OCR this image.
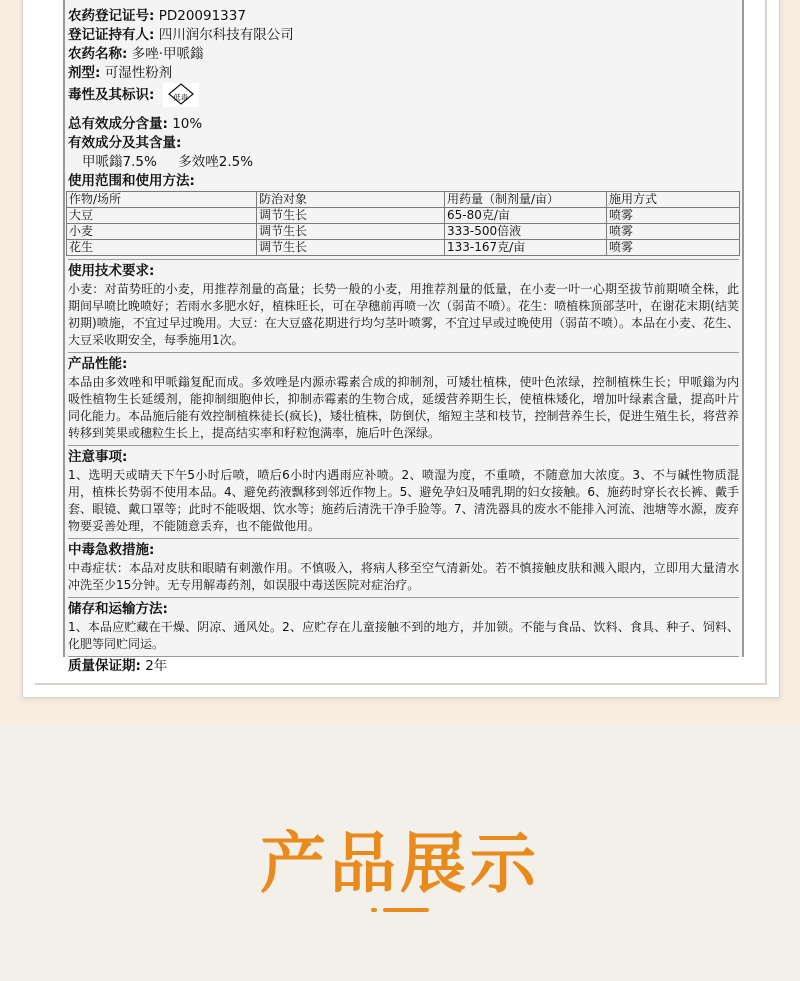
农药登记证号: PD20091337
登记证持有人: 四川润尔科技有限公司
农药名称: 多唑·甲哌鎓
剂型: 可湿性粉剂
毒性及其标识:	低毒
总有效成分含量: 10%
有效成分及其含量:
甲哌鎓7.5%     多效唑2.5%
使用范围和使用方法:
作物/场所	防治对象	用药量（制剂量/亩）	施用方式
大豆	调节生长	65-80克/亩	喷雾
小麦	调节生长	333-500倍液	喷雾
花生	调节生长	133-167克/亩	喷雾
使用技术要求:
小麦：对苗势旺的小麦，用推荐剂量的高量；长势一般的小麦，用推荐剂量的低量，在小麦一叶一心期至拔节前期喷全株，此期间早喷比晚喷好；若雨水多肥水好，植株旺长，可在孕穗前再喷一次（弱苗不喷）。花生：喷植株顶部茎叶，在谢花末期(结荚初期)喷施，不宜过早过晚用。大豆：在大豆盛花期进行均匀茎叶喷雾，不宜过早或过晚使用（弱苗不喷）。本品在小麦、花生、大豆采收期安全，每季施用1次。
产品性能:
本品由多效唑和甲哌鎓复配而成。多效唑是内源赤霉素合成的抑制剂，可矮壮植株，使叶色浓绿，控制植株生长；甲哌鎓为内吸性植物生长延缓剂，能抑制细胞伸长，抑制赤霉素的生物合成，延缓营养期生长，使植株矮化，增加叶绿素含量，提高叶片同化能力。本品施后能有效控制植株徒长(疯长)，矮壮植株，防倒伏，缩短主茎和枝节，控制营养生长，促进生殖生长，将营养转移到荚果或穗粒生长上，提高结实率和籽粒饱满率，施后叶色深绿。
注意事项:
1、选明天或晴天下午5小时后喷，喷后6小时内遇雨应补喷。2、喷湿为度，不重喷，不随意加大浓度。3、不与碱性物质混用，植株长势弱不使用本品。4、避免药液飘移到邻近作物上。5、避免孕妇及哺乳期的妇女接触。6、施药时穿长衣长裤、戴手套、眼镜、戴口罩等；此时不能吸烟、饮水等；施药后清洗干净手脸等。7、清洗器具的废水不能排入河流、池塘等水源，废弃物要妥善处理，不能随意丢弃，也不能做他用。
中毒急救措施:
中毒症状：本品对皮肤和眼睛有刺激作用。不慎吸入，将病人移至空气清新处。若不慎接触皮肤和溅入眼内，立即用大量清水冲洗至少15分钟。无专用解毒药剂，如误服中毒送医院对症治疗。
储存和运输方法:
1、本品应贮藏在干燥、阴凉、通风处。2、应贮存在儿童接触不到的地方，并加锁。不能与食品、饮料、食具、种子、饲料、化肥等同贮同运。
质量保证期: 2年
产品展示
